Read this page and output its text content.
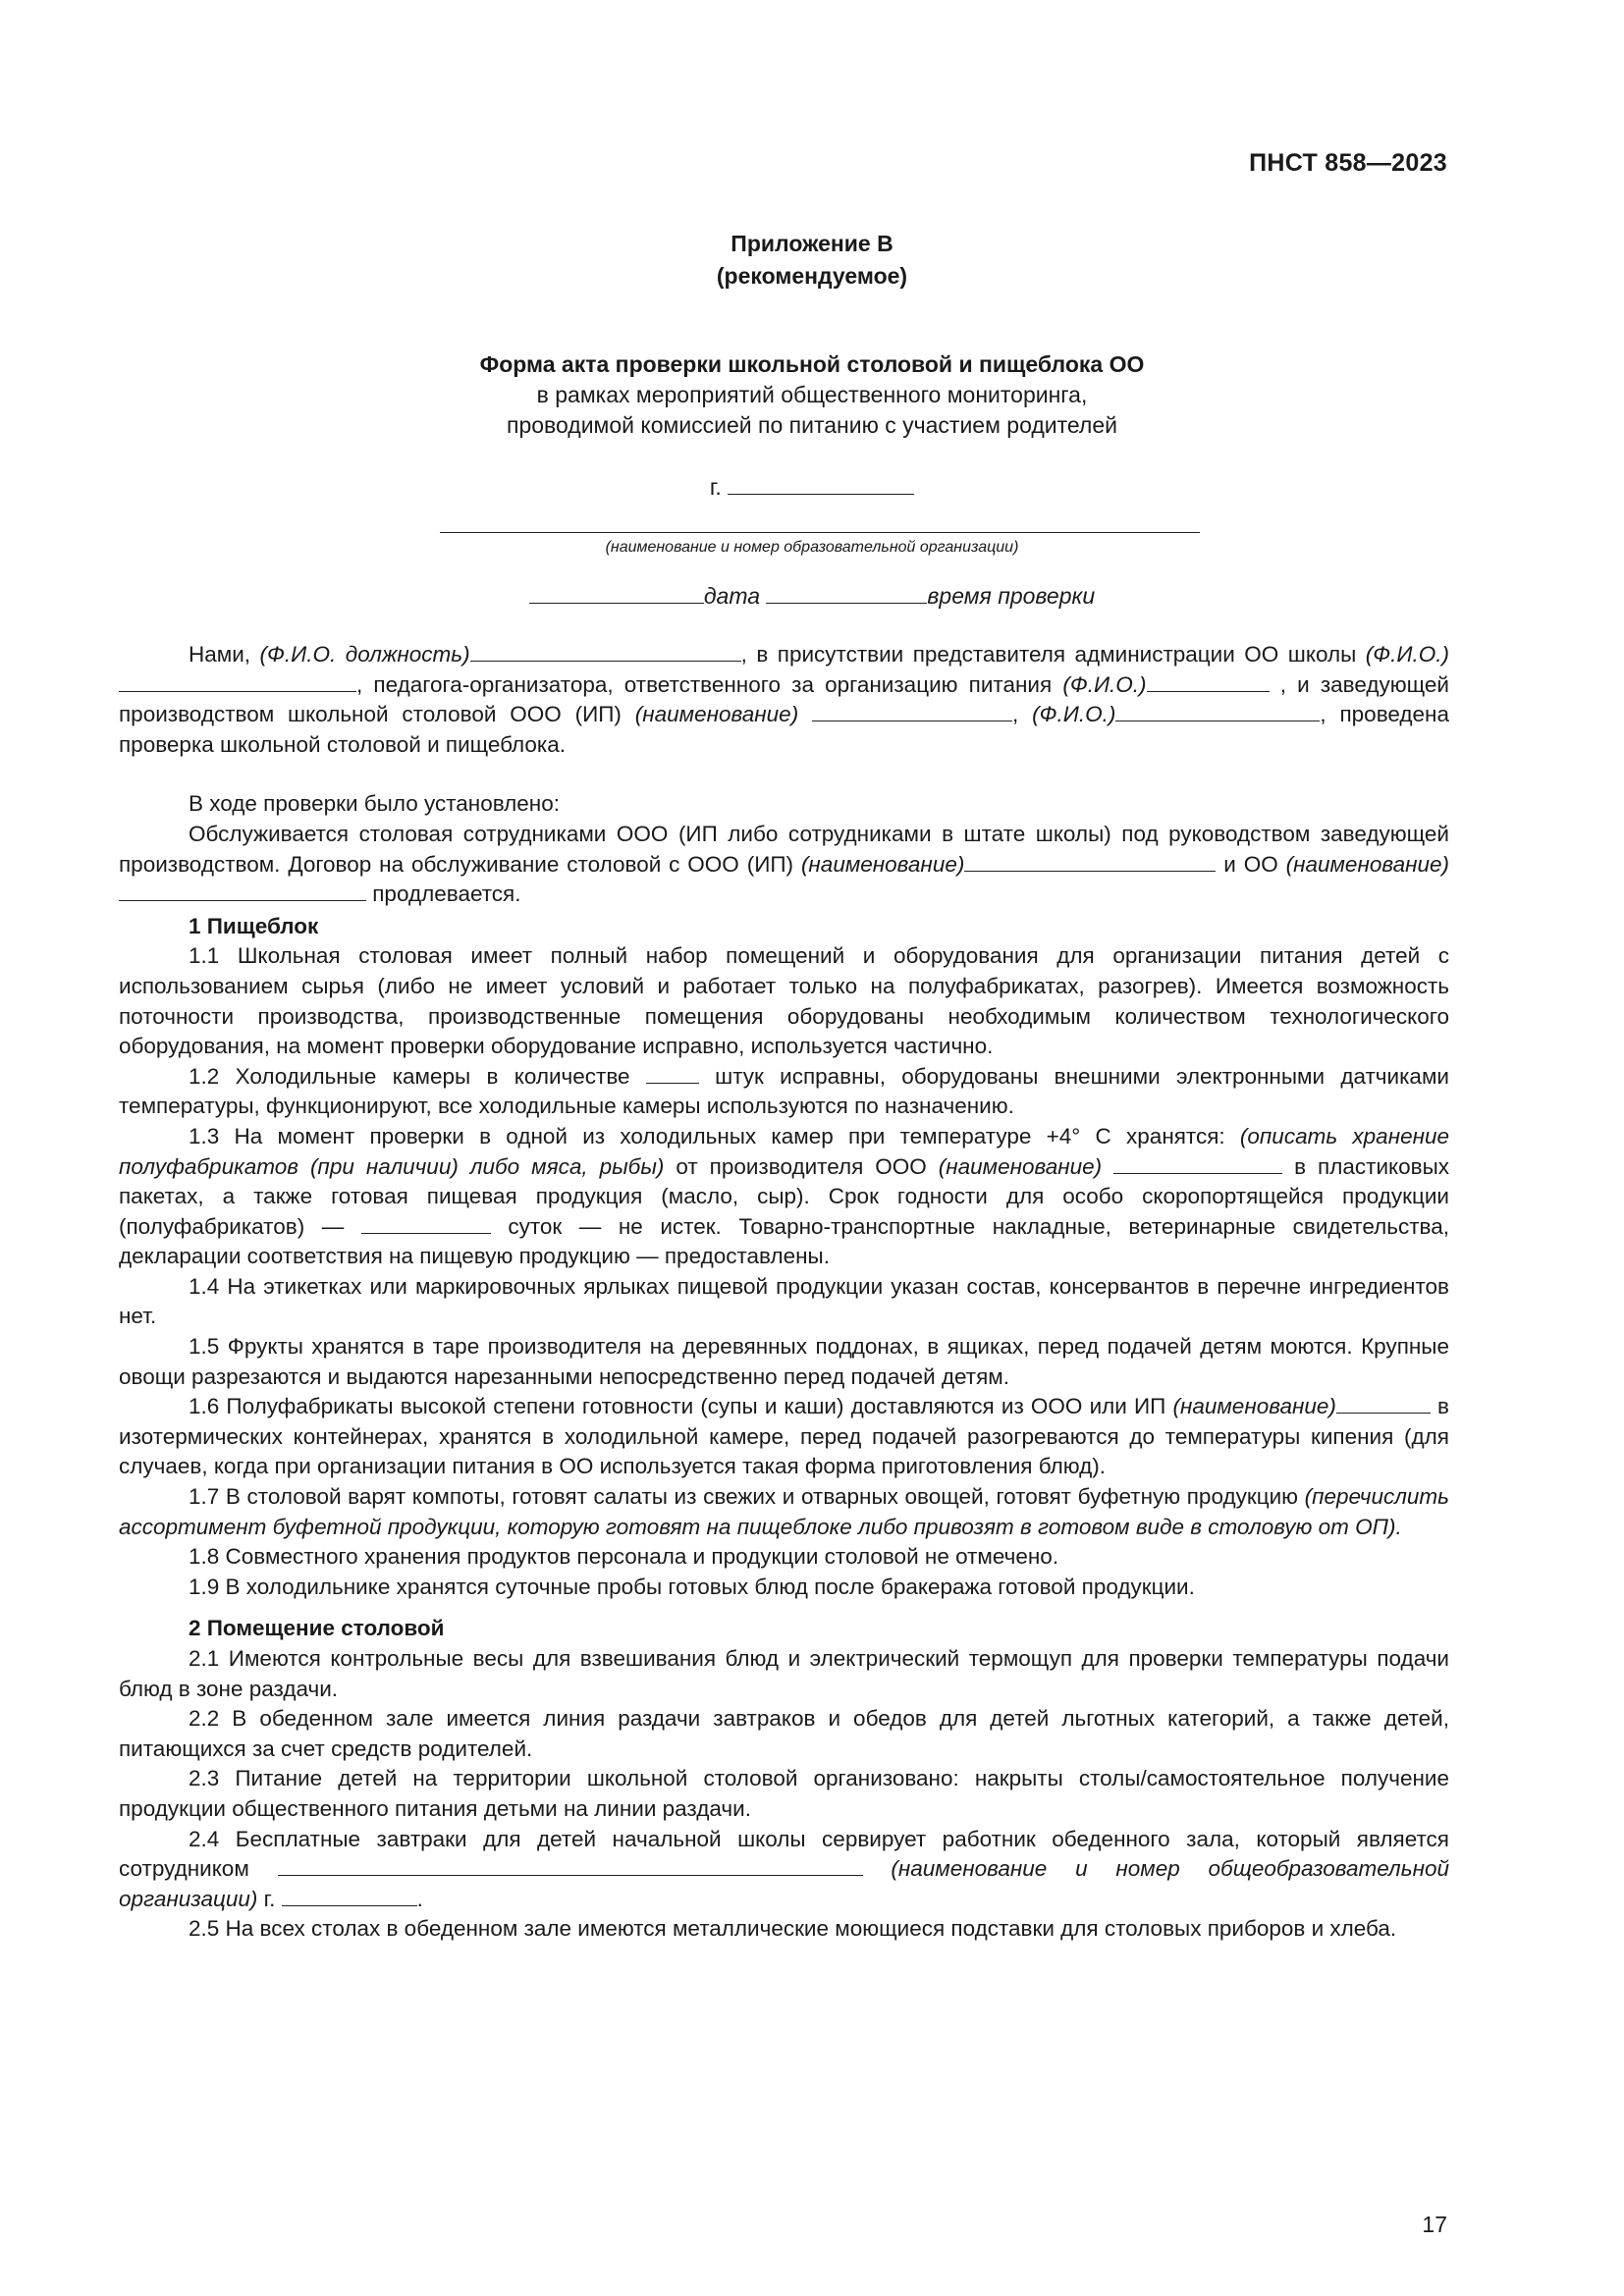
ПНСТ 858—2023
Приложение В
(рекомендуемое)
Форма акта проверки школьной столовой и пищеблока ОО
в рамках мероприятий общественного мониторинга,
проводимой комиссией по питанию с участием родителей
г.
(наименование и номер образовательной организации)
дата	время проверки

Нами, (Ф.И.О. должность)	, в присутствии представителя администрации ОО школы (Ф.И.О.), педагога-организатора, ответственного за организацию питания (Ф.И.О.)	, и заведующей производством школьной столовой ООО (ИП) (наименование)	, (Ф.И.О.)	, проведена проверка школьной столовой и пищеблока.

В ходе проверки было установлено:

Обслуживается столовая сотрудниками ООО (ИП либо сотрудниками в штате школы) под руководством заведующей производством. Договор на обслуживание столовой с ООО (ИП) (наименование)	и ОО (наименование) продлевается.

1 Пищеблок

1.1 Школьная столовая имеет полный набор помещений и оборудования для организации питания детей с использованием сырья (либо не имеет условий и работает только на полуфабрикатах, разогрев). Имеется возможность поточности производства, производственные помещения оборудованы необходимым количеством технологического оборудования, на момент проверки оборудование исправно, используется частично.

1.2 Холодильные камеры в количестве  штук исправны, оборудованы внешними электронными датчиками температуры, функционируют, все холодильные камеры используются по назначению.

1.3 На момент проверки в одной из холодильных камер при температуре +4° С хранятся: (описать хранение полуфабрикатов (при наличии) либо мяса, рыбы) от производителя ООО (наименование)	в пластиковых пакетах, а также готовая пищевая продукция (масло, сыр). Срок годности для особо скоропортящейся продукции (полуфабрикатов) —	суток — не истек. Товарно-транспортные накладные, ветеринарные свидетельства, декларации соответствия на пищевую продукцию — предоставлены.

1.4 На этикетках или маркировочных ярлыках пищевой продукции указан состав, консервантов в перечне ингредиентов нет.

1.5 Фрукты хранятся в таре производителя на деревянных поддонах, в ящиках, перед подачей детям моются. Крупные овощи разрезаются и выдаются нарезанными непосредственно перед подачей детям.

1.6 Полуфабрикаты высокой степени готовности (супы и каши) доставляются из ООО или ИП (наименование)	в изотермических контейнерах, хранятся в холодильной камере, перед подачей разогреваются до температуры кипения (для случаев, когда при организации питания в ОО используется такая форма приготовления блюд).

1.7 В столовой варят компоты, готовят салаты из свежих и отварных овощей, готовят буфетную продукцию (перечислить ассортимент буфетной продукции, которую готовят на пищеблоке либо привозят в готовом виде в столовую от ОП).

1.8 Совместного хранения продуктов персонала и продукции столовой не отмечено.

1.9 В холодильнике хранятся суточные пробы готовых блюд после бракеража готовой продукции.

2 Помещение столовой

2.1 Имеются контрольные весы для взвешивания блюд и электрический термощуп для проверки температуры подачи блюд в зоне раздачи.

2.2 В обеденном зале имеется линия раздачи завтраков и обедов для детей льготных категорий, а также детей, питающихся за счет средств родителей.

2.3 Питание детей на территории школьной столовой организовано: накрыты столы/самостоятельное получение продукции общественного питания детьми на линии раздачи.

2.4 Бесплатные завтраки для детей начальной школы сервирует работник обеденного зала, который является сотрудником	(наименование и номер общеобразовательной организации) г.	.

2.5 На всех столах в обеденном зале имеются металлические моющиеся подставки для столовых приборов и хлеба.

17
